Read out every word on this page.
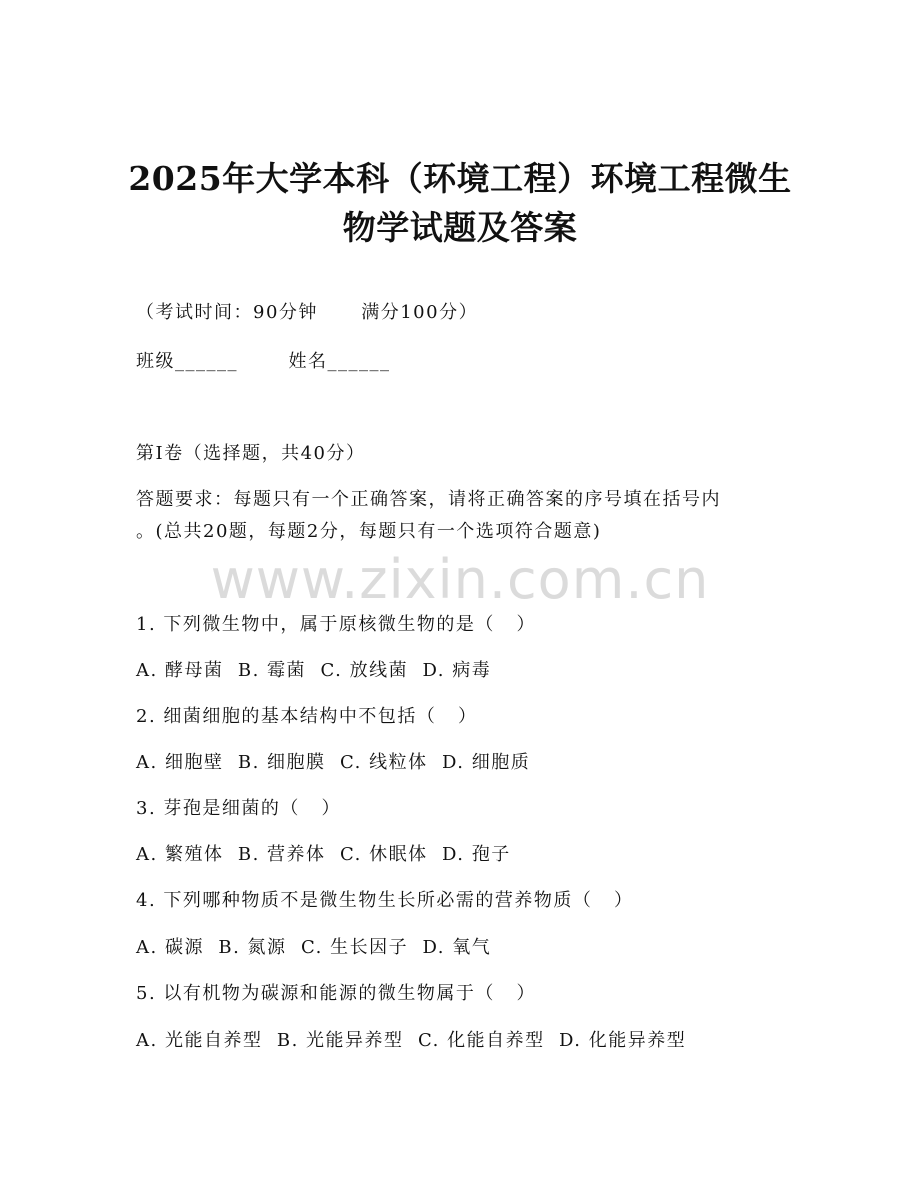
2025年大学本科（环境工程）环境工程微生
物学试题及答案

（考试时间：90分钟      满分100分）

班级______       姓名______

第I卷（选择题，共40分）

答题要求：每题只有一个正确答案，请将正确答案的序号填在括号内

。(总共20题，每题2分，每题只有一个选项符合题意)

www.zixin.com.cn

1. 下列微生物中，属于原核微生物的是（   ）

A. 酵母菌  B. 霉菌  C. 放线菌  D. 病毒

2. 细菌细胞的基本结构中不包括（   ）

A. 细胞壁  B. 细胞膜  C. 线粒体  D. 细胞质

3. 芽孢是细菌的（   ）

A. 繁殖体  B. 营养体  C. 休眠体  D. 孢子

4. 下列哪种物质不是微生物生长所必需的营养物质（   ）

A. 碳源  B. 氮源  C. 生长因子  D. 氧气

5. 以有机物为碳源和能源的微生物属于（   ）

A. 光能自养型  B. 光能异养型  C. 化能自养型  D. 化能异养型
